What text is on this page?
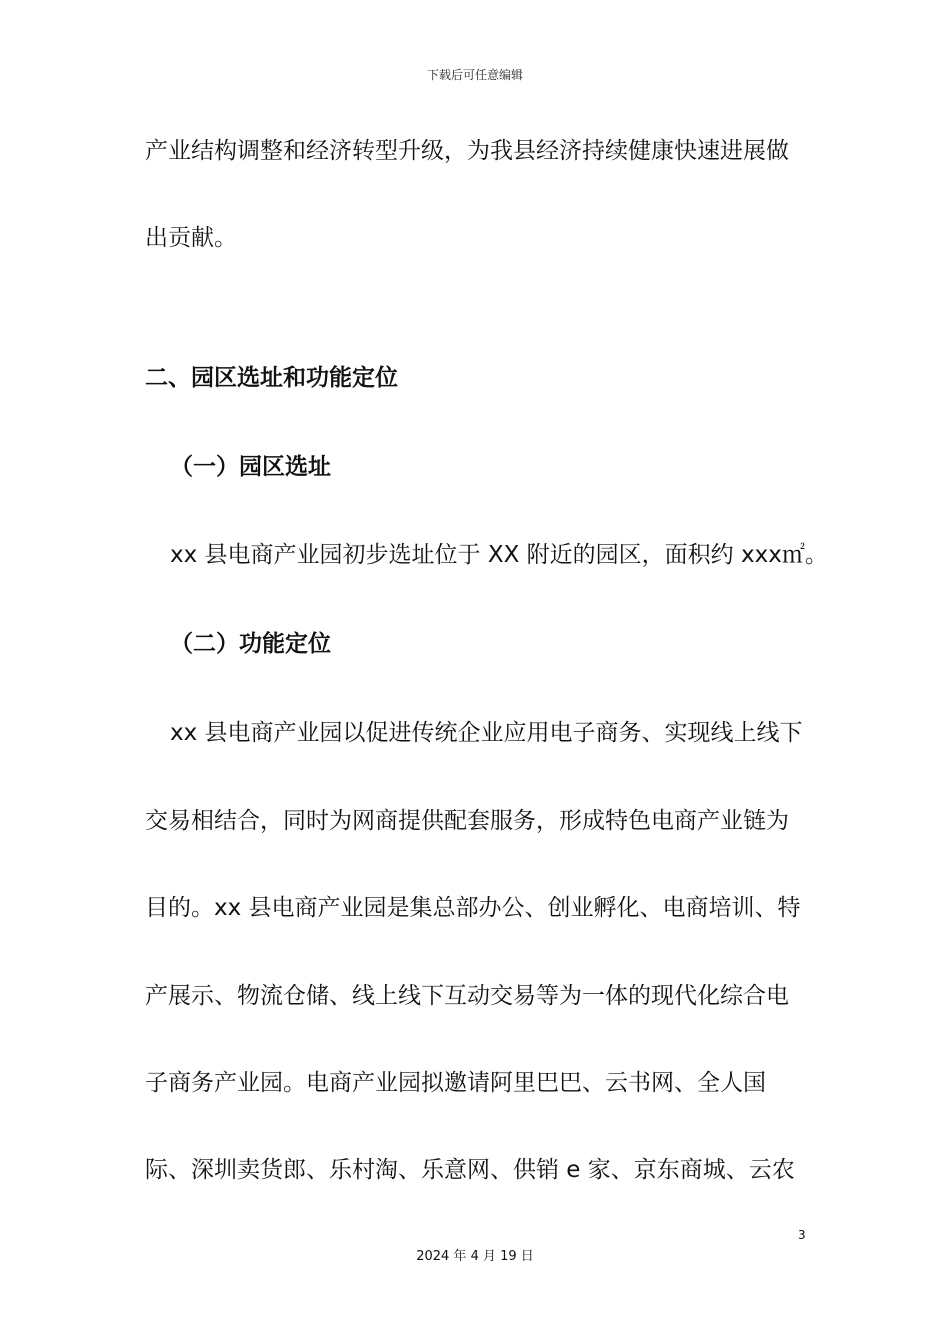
下载后可任意编辑
产业结构调整和经济转型升级，为我县经济持续健康快速进展做
出贡献。
二、园区选址和功能定位
（一）园区选址
xx 县电商产业园初步选址位于 XX 附近的园区，面积约 xxx㎡。
（二）功能定位
xx 县电商产业园以促进传统企业应用电子商务、实现线上线下
交易相结合，同时为网商提供配套服务，形成特色电商产业链为
目的。xx 县电商产业园是集总部办公、创业孵化、电商培训、特
产展示、物流仓储、线上线下互动交易等为一体的现代化综合电
子商务产业园。电商产业园拟邀请阿里巴巴、云书网、全人国
际、深圳卖货郎、乐村淘、乐意网、供销 e 家、京东商城、云农
3
2024 年 4 月 19 日
